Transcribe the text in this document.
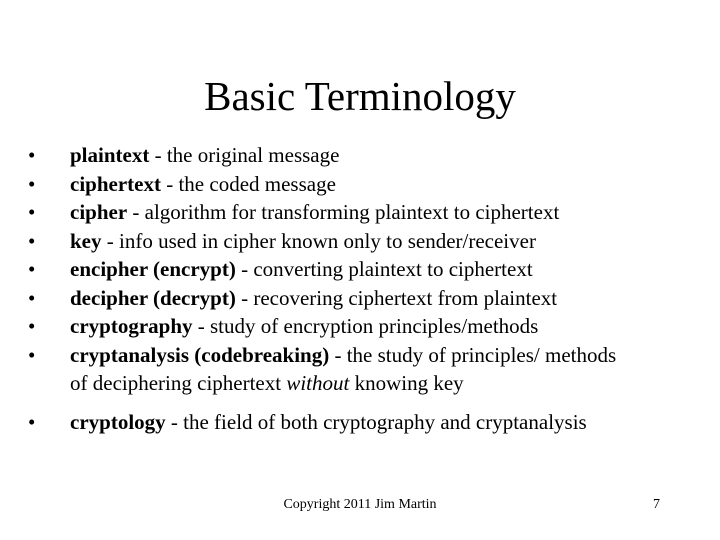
Basic Terminology
• plaintext - the original message
• ciphertext - the coded message
• cipher - algorithm for transforming plaintext to ciphertext
• key - info used in cipher known only to sender/receiver
• encipher (encrypt) - converting plaintext to ciphertext
• decipher (decrypt) - recovering ciphertext from plaintext
• cryptography - study of encryption principles/methods
• cryptanalysis (codebreaking) - the study of principles/ methods of deciphering ciphertext without knowing key
• cryptology - the field of both cryptography and cryptanalysis
Copyright 2011 Jim Martin	7
